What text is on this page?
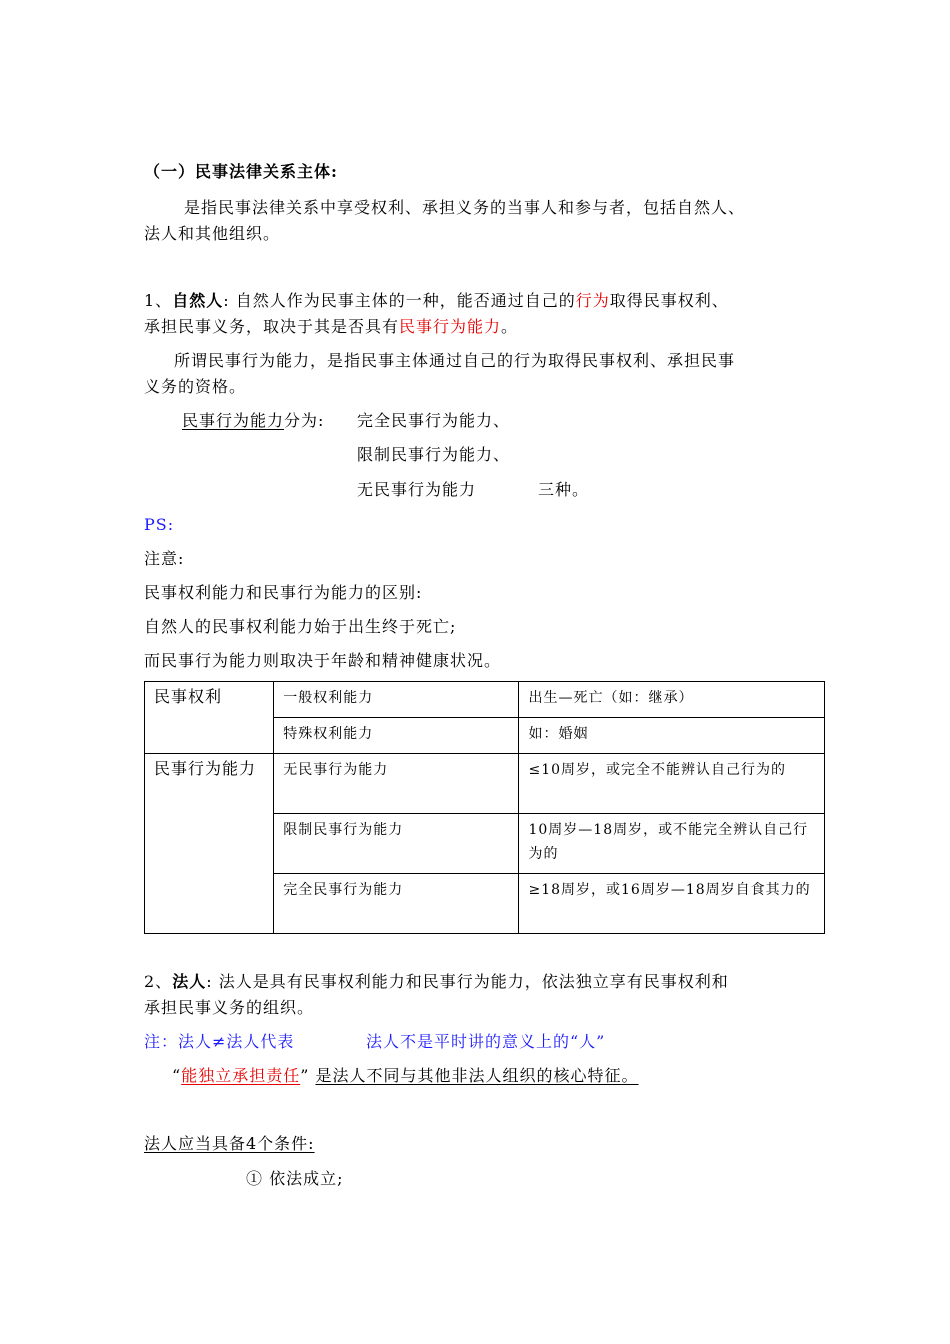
（一）民事法律关系主体:
是指民事法律关系中享受权利、承担义务的当事人和参与者，包括自然人、
法人和其他组织。
1、自然人: 自然人作为民事主体的一种，能否通过自己的行为取得民事权利、
承担民事义务，取决于其是否具有民事行为能力。
所谓民事行为能力，是指民事主体通过自己的行为取得民事权利、承担民事
义务的资格。
民事行为能力分为: 完全民事行为能力、
限制民事行为能力、
无民事行为能力	三种。
PS:
注意:
民事权利能力和民事行为能力的区别:
自然人的民事权利能力始于出生终于死亡;
而民事行为能力则取决于年龄和精神健康状况。
民事权利	一般权利能力	出生—死亡（如：继承）
	特殊权利能力	如：婚姻
民事行为能力	无民事行为能力	≤10周岁，或完全不能辨认自己行为的
	限制民事行为能力	10周岁—18周岁，或不能完全辨认自己行为的
	完全民事行为能力	≥18周岁，或16周岁—18周岁自食其力的
2、法人: 法人是具有民事权利能力和民事行为能力，依法独立享有民事权利和
承担民事义务的组织。
注：法人≠法人代表	法人不是平时讲的意义上的“人”
“能独立承担责任” 是法人不同与其他非法人组织的核心特征。
法人应当具备4个条件:
① 依法成立;
